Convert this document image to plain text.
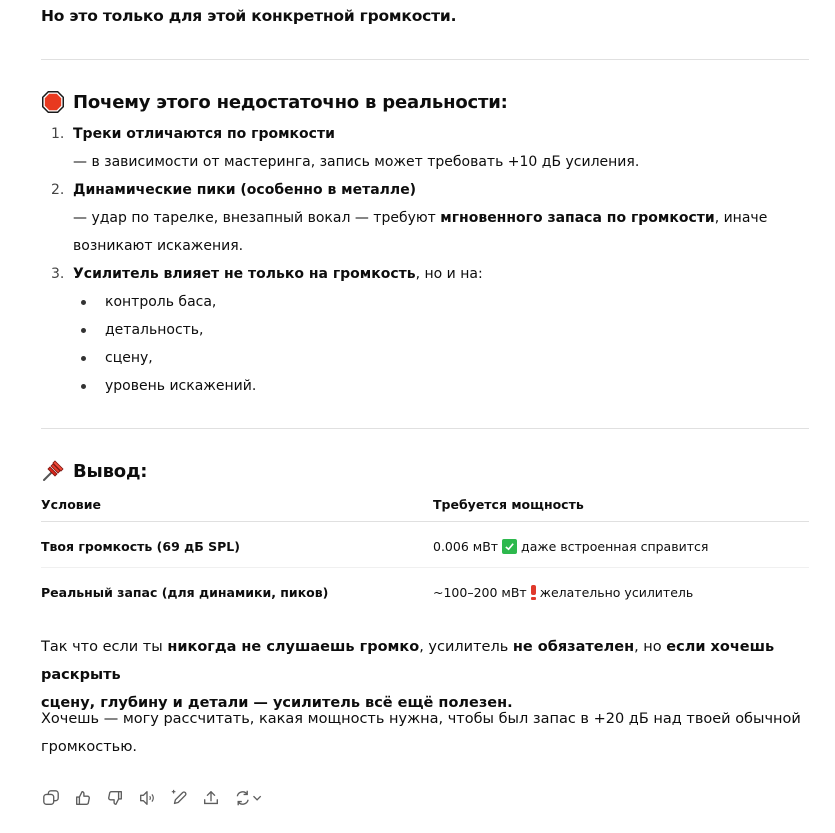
Но это только для этой конкретной громкости.
Почему этого недостаточно в реальности:
1. Треки отличаются по громкости
— в зависимости от мастеринга, запись может требовать +10 дБ усиления.
2. Динамические пики (особенно в металле)
— удар по тарелке, внезапный вокал — требуют мгновенного запаса по громкости, иначе
возникают искажения.
3. Усилитель влияет не только на громкость, но и на:
контроль баса,
детальность,
сцену,
уровень искажений.
Вывод:
Условие	Требуется мощность
Твоя громкость (69 дБ SPL)	0.006 мВт даже встроенная справится
Реальный запас (для динамики, пиков)	~100–200 мВт желательно усилитель
Так что если ты никогда не слушаешь громко, усилитель не обязателен, но если хочешь раскрыть
сцену, глубину и детали — усилитель всё ещё полезен.
Хочешь — могу рассчитать, какая мощность нужна, чтобы был запас в +20 дБ над твоей обычной
громкостью.
